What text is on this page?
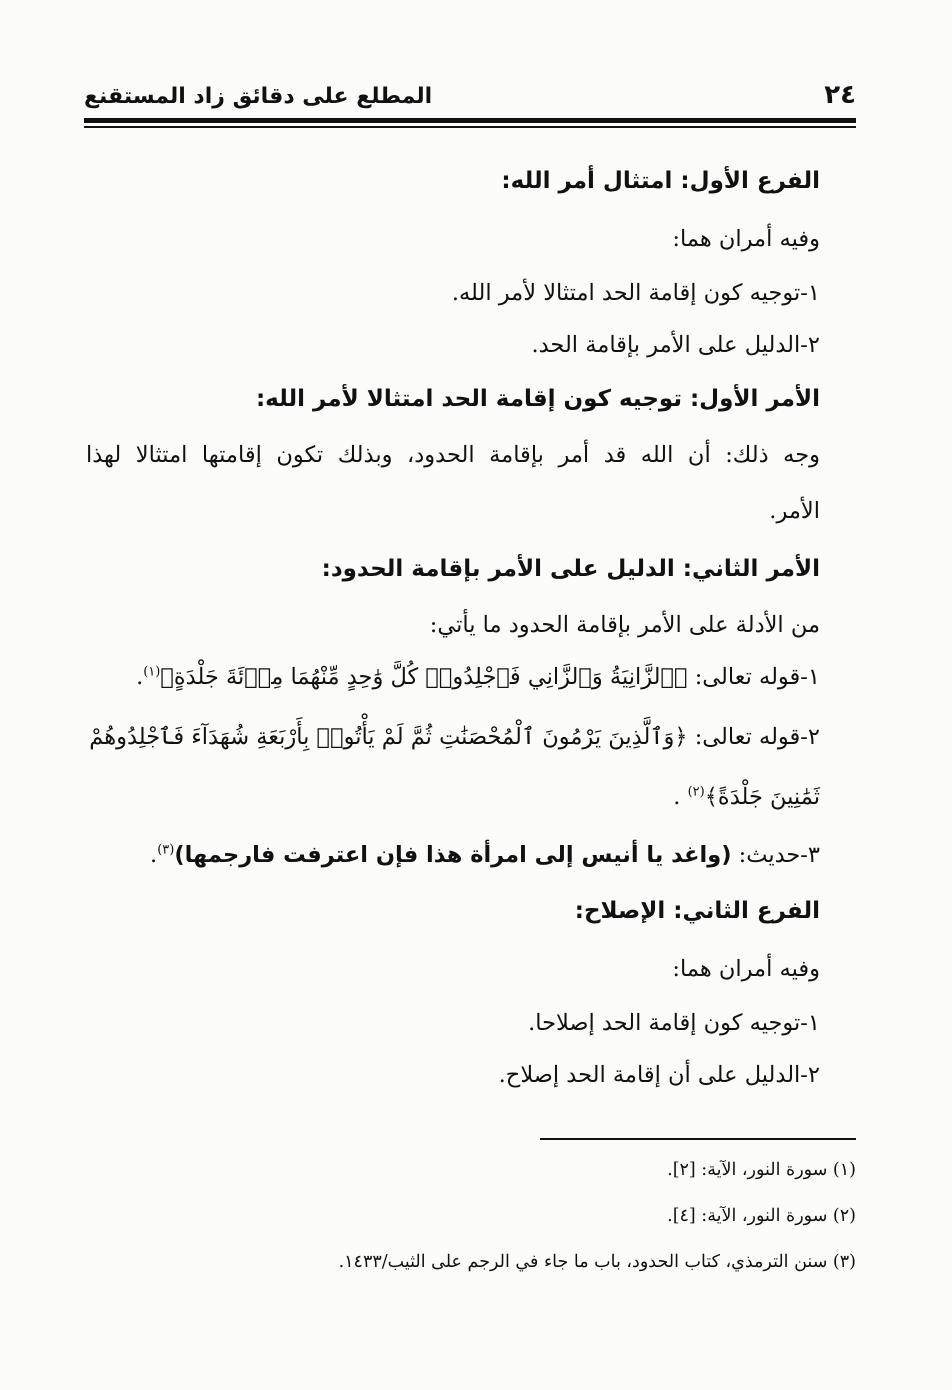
٢٤
المطلع على دقائق زاد المستقنع
الفرع الأول: امتثال أمر الله:
وفيه أمران هما:
١-توجيه كون إقامة الحد امتثالا لأمر الله.
٢-الدليل على الأمر بإقامة الحد.
الأمر الأول: توجيه كون إقامة الحد امتثالا لأمر الله:
وجه ذلك: أن الله قد أمر بإقامة الحدود، وبذلك تكون إقامتها امتثالا لهذا
الأمر.
الأمر الثاني: الدليل على الأمر بإقامة الحدود:
من الأدلة على الأمر بإقامة الحدود ما يأتي:
١-قوله تعالى: ﴿ٱلزَّانِيَةُ وَٱلزَّانِي فَٱجْلِدُوا۟ كُلَّ وَٰحِدٍ مِّنْهُمَا مِا۟ئَةَ جَلْدَةٍ﴾$^{(١)}$.
٢-قوله تعالى: ﴿وَٱلَّذِينَ يَرْمُونَ ٱلْمُحْصَنَٰتِ ثُمَّ لَمْ يَأْتُوا۟ بِأَرْبَعَةِ شُهَدَآءَ فَٱجْلِدُوهُمْ
ثَمَٰنِينَ جَلْدَةً﴾$^{(٢)}$ .
٣-حديث: (واغد يا أنيس إلى امرأة هذا فإن اعترفت فارجمها)$^{(٣)}$.
الفرع الثاني: الإصلاح:
وفيه أمران هما:
١-توجيه كون إقامة الحد إصلاحا.
٢-الدليل على أن إقامة الحد إصلاح.
(١) سورة النور، الآية: [٢].
(٢) سورة النور، الآية: [٤].
(٣) سنن الترمذي، كتاب الحدود، باب ما جاء في الرجم على الثيب/١٤٣٣.
